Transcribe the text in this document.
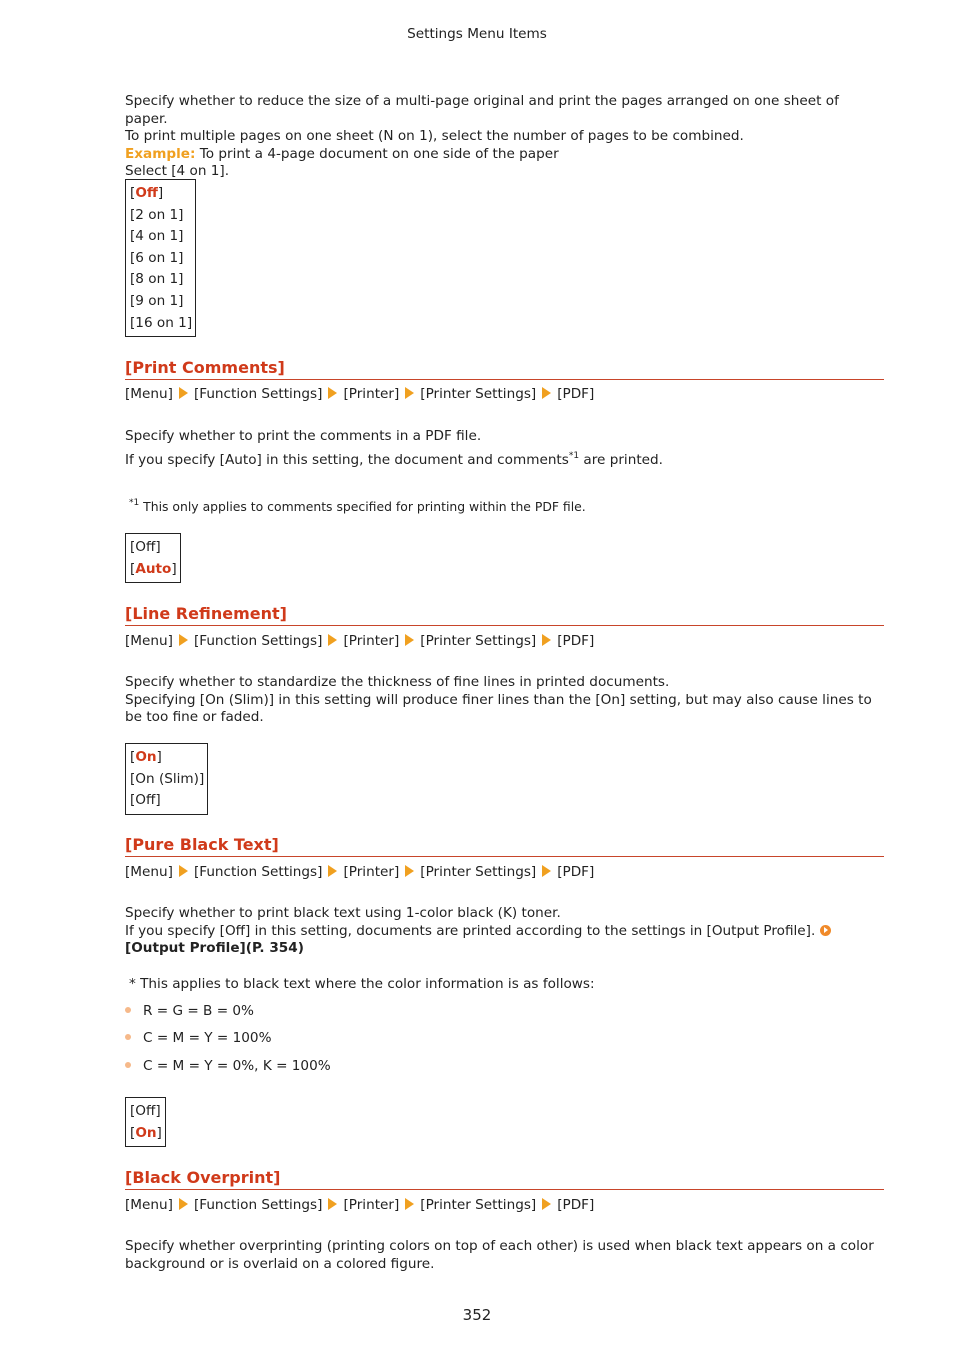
Settings Menu Items
Specify whether to reduce the size of a multi-page original and print the pages arranged on one sheet of paper.
To print multiple pages on one sheet (N on 1), select the number of pages to be combined.
Example: To print a 4-page document on one side of the paper
Select [4 on 1].
[Off]
[2 on 1]
[4 on 1]
[6 on 1]
[8 on 1]
[9 on 1]
[16 on 1]
[Print Comments]
[Menu] [Function Settings] [Printer] [Printer Settings] [PDF]
Specify whether to print the comments in a PDF file.
If you specify [Auto] in this setting, the document and comments$^{*1}$ are printed.
$^{*1}$ This only applies to comments specified for printing within the PDF file.
[Off]
[Auto]
[Line Refinement]
[Menu] [Function Settings] [Printer] [Printer Settings] [PDF]
Specify whether to standardize the thickness of fine lines in printed documents.
Specifying [On (Slim)] in this setting will produce finer lines than the [On] setting, but may also cause lines to be too fine or faded.
[On]
[On (Slim)]
[Off]
[Pure Black Text]
[Menu] [Function Settings] [Printer] [Printer Settings] [PDF]
Specify whether to print black text using 1-color black (K) toner.
If you specify [Off] in this setting, documents are printed according to the settings in [Output Profile]. [Output Profile](P. 354)
* This applies to black text where the color information is as follows:
R = G = B = 0%
C = M = Y = 100%
C = M = Y = 0%, K = 100%
[Off]
[On]
[Black Overprint]
[Menu] [Function Settings] [Printer] [Printer Settings] [PDF]
Specify whether overprinting (printing colors on top of each other) is used when black text appears on a color background or is overlaid on a colored figure.
352
